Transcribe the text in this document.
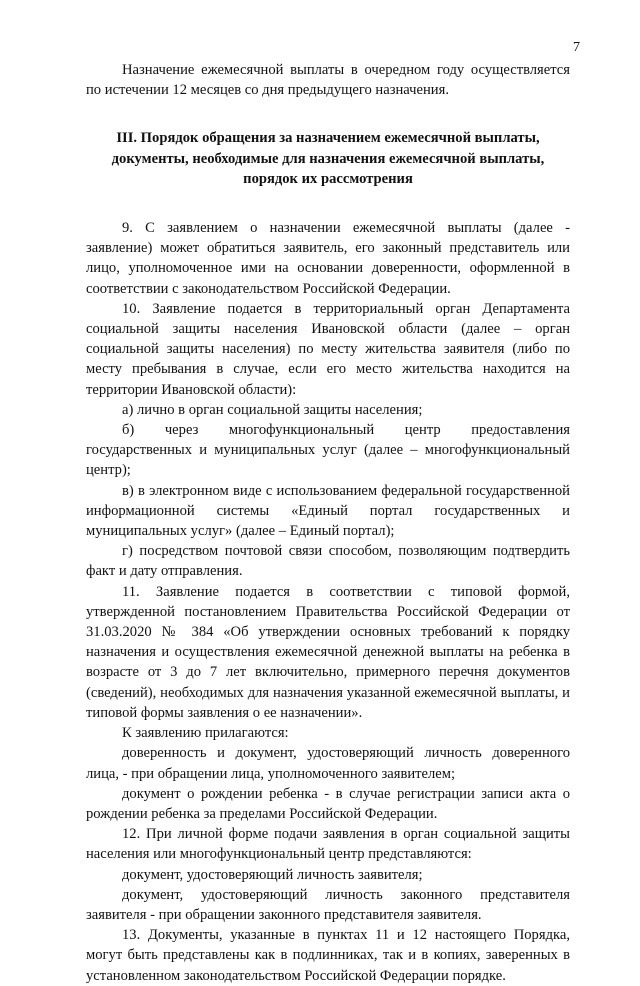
7

Назначение ежемесячной выплаты в очередном году осуществляется по истечении 12 месяцев со дня предыдущего назначения.

III. Порядок обращения за назначением ежемесячной выплаты,
документы, необходимые для назначения ежемесячной выплаты,
порядок их рассмотрения

9. С заявлением о назначении ежемесячной выплаты (далее - заявление) может обратиться заявитель, его законный представитель или лицо, уполномоченное ими на основании доверенности, оформленной в соответствии с законодательством Российской Федерации.

10. Заявление подается в территориальный орган Департамента социальной защиты населения Ивановской области (далее – орган социальной защиты населения) по месту жительства заявителя (либо по месту пребывания в случае, если его место жительства находится на территории Ивановской области):

а) лично в орган социальной защиты населения;

б) через многофункциональный центр предоставления государственных и муниципальных услуг (далее – многофункциональный центр);

в) в электронном виде с использованием федеральной государственной информационной системы «Единый портал государственных и муниципальных услуг» (далее – Единый портал);

г) посредством почтовой связи способом, позволяющим подтвердить факт и дату отправления.

11. Заявление подается в соответствии с типовой формой, утвержденной постановлением Правительства Российской Федерации от 31.03.2020 № 384 «Об утверждении основных требований к порядку назначения и осуществления ежемесячной денежной выплаты на ребенка в возрасте от 3 до 7 лет включительно, примерного перечня документов (сведений), необходимых для назначения указанной ежемесячной выплаты, и типовой формы заявления о ее назначении».

К заявлению прилагаются:

доверенность и документ, удостоверяющий личность доверенного лица, - при обращении лица, уполномоченного заявителем;

документ о рождении ребенка - в случае регистрации записи акта о рождении ребенка за пределами Российской Федерации.

12. При личной форме подачи заявления в орган социальной защиты населения или многофункциональный центр представляются:

документ, удостоверяющий личность заявителя;

документ, удостоверяющий личность законного представителя заявителя - при обращении законного представителя заявителя.

13. Документы, указанные в пунктах 11 и 12 настоящего Порядка, могут быть представлены как в подлинниках, так и в копиях, заверенных в установленном законодательством Российской Федерации порядке.
